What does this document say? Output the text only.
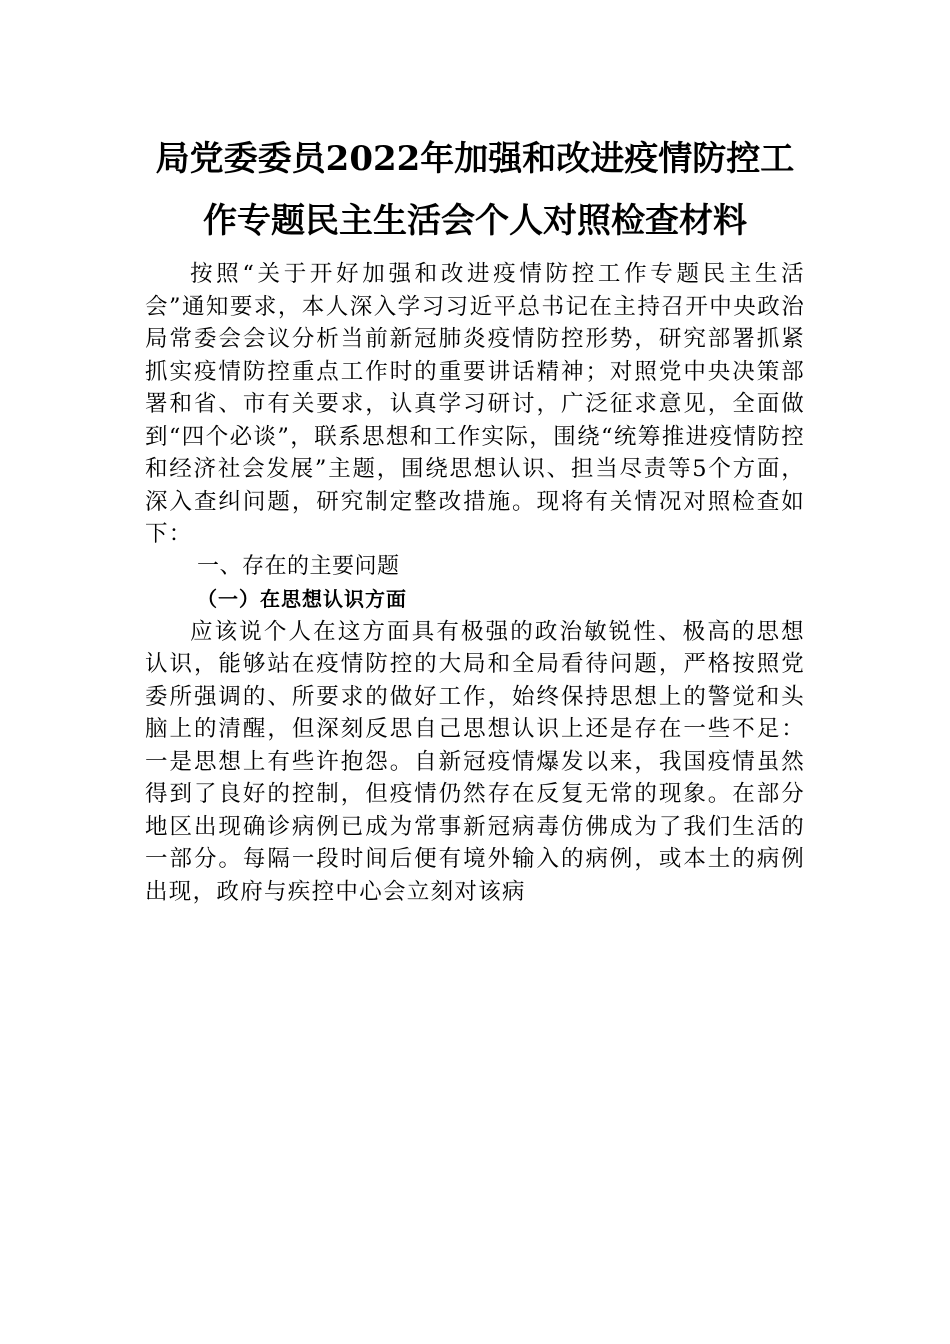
局党委委员2022年加强和改进疫情防控工
作专题民主生活会个人对照检查材料

按照“关于开好加强和改进疫情防控工作专题民主生活会”通知要求，本人深入学习习近平总书记在主持召开中央政治局常委会会议分析当前新冠肺炎疫情防控形势，研究部署抓紧抓实疫情防控重点工作时的重要讲话精神；对照党中央决策部署和省、市有关要求，认真学习研讨，广泛征求意见，全面做到“四个必谈”，联系思想和工作实际，围绕“统筹推进疫情防控和经济社会发展”主题，围绕思想认识、担当尽责等5个方面，深入查纠问题，研究制定整改措施。现将有关情况对照检查如下：

一、存在的主要问题
（一）在思想认识方面

应该说个人在这方面具有极强的政治敏锐性、极高的思想认识，能够站在疫情防控的大局和全局看待问题，严格按照党委所强调的、所要求的做好工作，始终保持思想上的警觉和头脑上的清醒，但深刻反思自己思想认识上还是存在一些不足：一是思想上有些许抱怨。自新冠疫情爆发以来，我国疫情虽然得到了良好的控制，但疫情仍然存在反复无常的现象。在部分地区出现确诊病例已成为常事新冠病毒仿佛成为了我们生活的一部分。每隔一段时间后便有境外输入的病例，或本土的病例出现，政府与疾控中心会立刻对该病
